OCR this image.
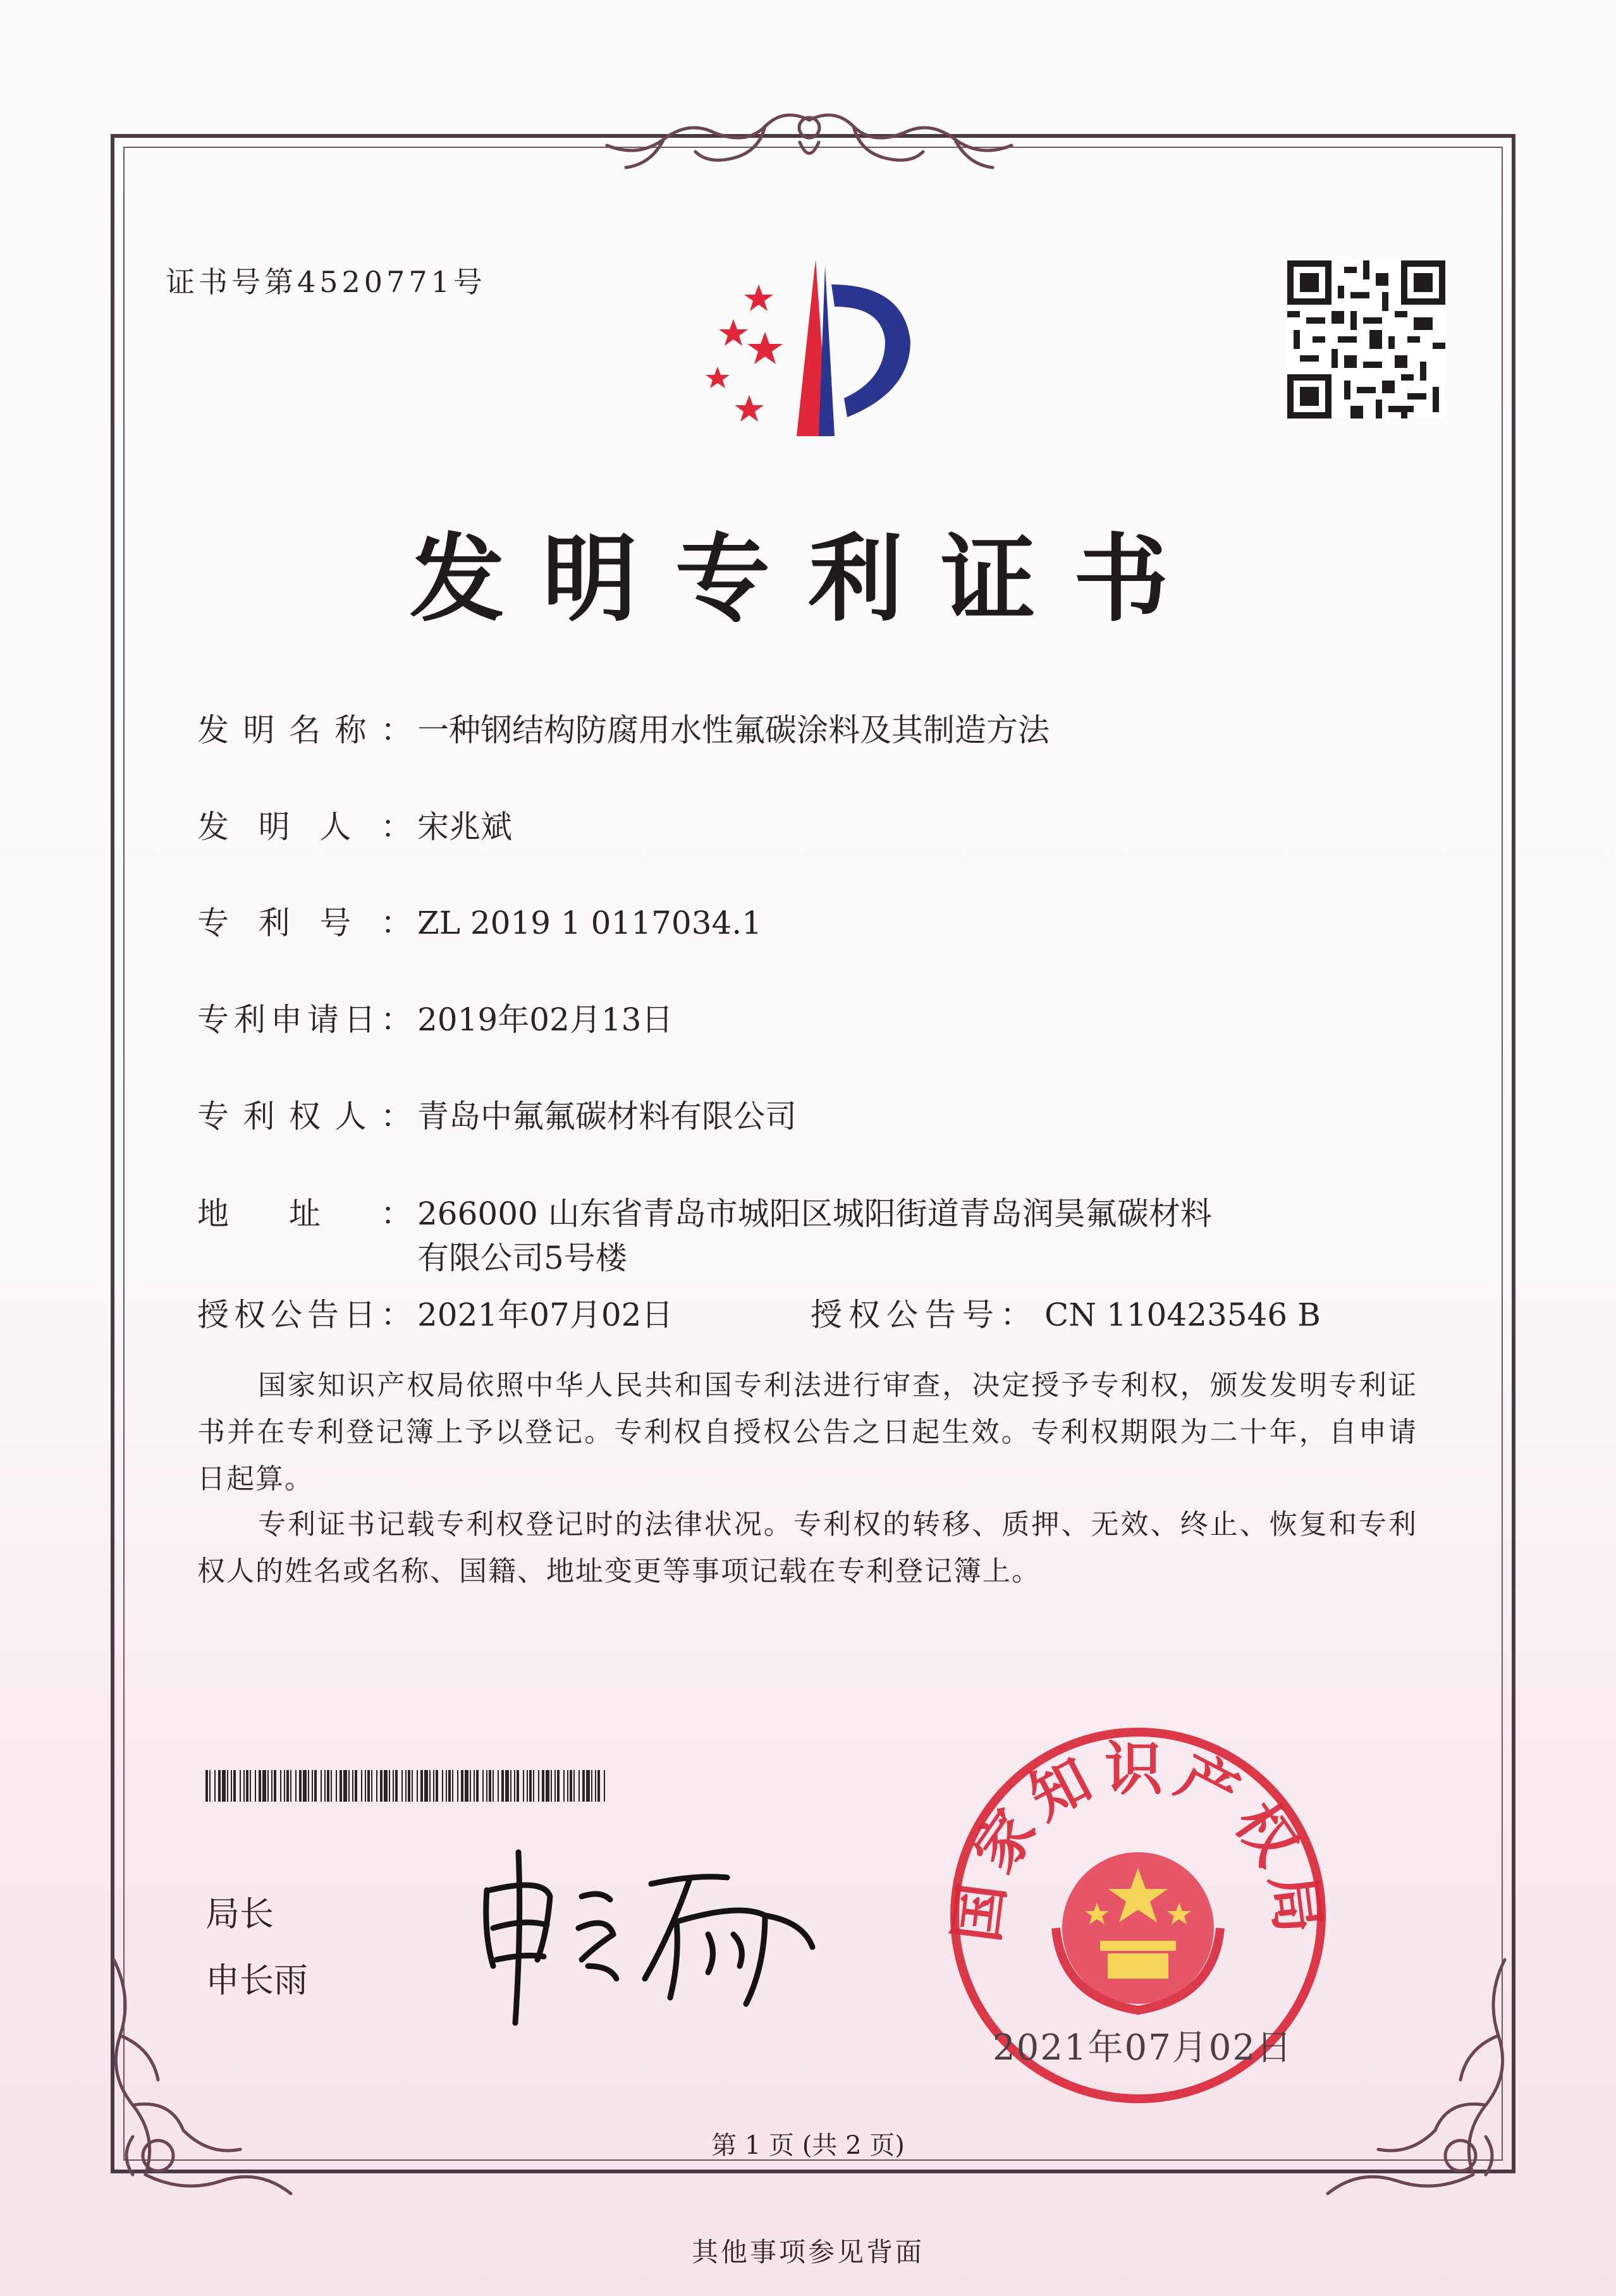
证书号第4520771号
发明专利证书
发明名称： 一种钢结构防腐用水性氟碳涂料及其制造方法
发明人： 宋兆斌
专利号： ZL 2019 1 0117034.1
专利申请日： 2019年02月13日
专利权人： 青岛中氟氟碳材料有限公司
地址： 266000 山东省青岛市城阳区城阳街道青岛润昊氟碳材料
有限公司5号楼
授权公告日： 2021年07月02日	授权公告号： CN 110423546 B
国家知识产权局依照中华人民共和国专利法进行审查，决定授予专利权，颁发发明专利证书并在专利登记簿上予以登记。专利权自授权公告之日起生效。专利权期限为二十年，自申请日起算。
专利证书记载专利权登记时的法律状况。专利权的转移、质押、无效、终止、恢复和专利权人的姓名或名称、国籍、地址变更等事项记载在专利登记簿上。
局长
申长雨
国家知识产权局
2021年07月02日
第 1 页 (共 2 页)
其他事项参见背面
